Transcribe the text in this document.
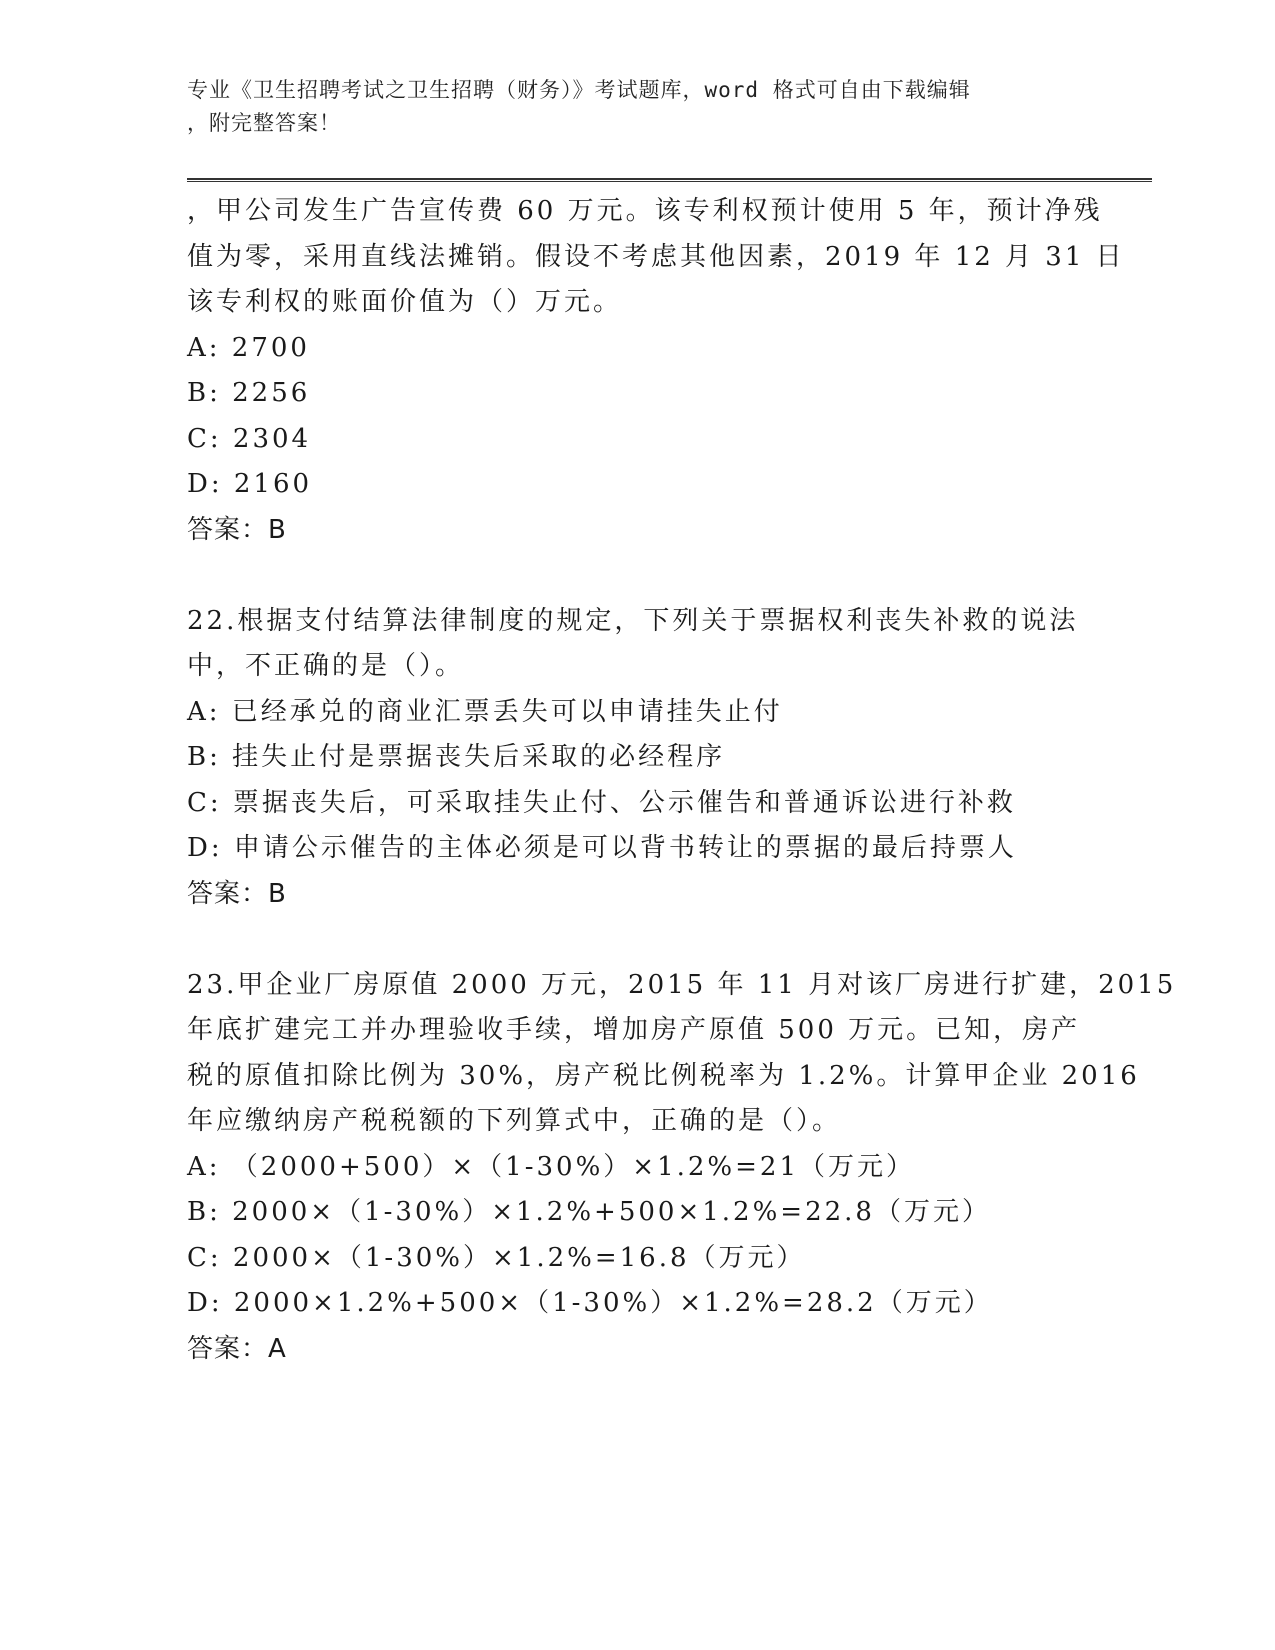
专业《卫生招聘考试之卫生招聘（财务）》考试题库，word 格式可自由下载编辑
，附完整答案！
，甲公司发生广告宣传费 60 万元。该专利权预计使用 5 年，预计净残
值为零，采用直线法摊销。假设不考虑其他因素，2019 年 12 月 31 日
该专利权的账面价值为（）万元。
A: 2700
B: 2256
C: 2304
D: 2160
答案：B
22.根据支付结算法律制度的规定，下列关于票据权利丧失补救的说法
中，不正确的是（）。
A: 已经承兑的商业汇票丢失可以申请挂失止付
B: 挂失止付是票据丧失后采取的必经程序
C: 票据丧失后，可采取挂失止付、公示催告和普通诉讼进行补救
D: 申请公示催告的主体必须是可以背书转让的票据的最后持票人
答案：B
23.甲企业厂房原值 2000 万元，2015 年 11 月对该厂房进行扩建，2015
年底扩建完工并办理验收手续，增加房产原值 500 万元。已知，房产
税的原值扣除比例为 30%，房产税比例税率为 1.2%。计算甲企业 2016
年应缴纳房产税税额的下列算式中，正确的是（）。
A: （2000+500）×（1-30%）×1.2%=21（万元）
B: 2000×（1-30%）×1.2%+500×1.2%=22.8（万元）
C: 2000×（1-30%）×1.2%=16.8（万元）
D: 2000×1.2%+500×（1-30%）×1.2%=28.2（万元）
答案：A
